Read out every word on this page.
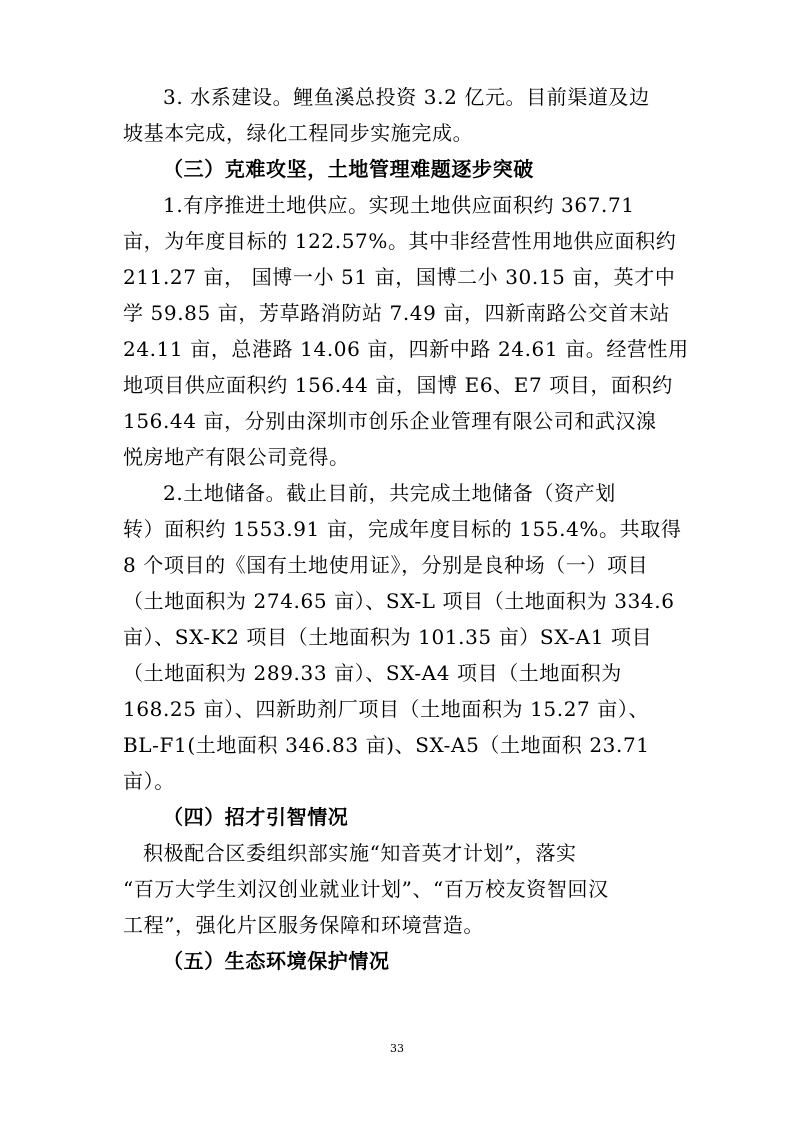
3. 水系建设。鲤鱼溪总投资 3.2 亿元。目前渠道及边
坡基本完成，绿化工程同步实施完成。
（三）克难攻坚，土地管理难题逐步突破
1.有序推进土地供应。实现土地供应面积约 367.71
亩，为年度目标的 122.57%。其中非经营性用地供应面积约
211.27 亩， 国博一小 51 亩，国博二小 30.15 亩，英才中
学 59.85 亩，芳草路消防站 7.49 亩，四新南路公交首末站
24.11 亩，总港路 14.06 亩，四新中路 24.61 亩。经营性用
地项目供应面积约 156.44 亩，国博 E6、E7 项目，面积约
156.44 亩，分别由深圳市创乐企业管理有限公司和武汉湶
悦房地产有限公司竞得。
2.土地储备。截止目前，共完成土地储备（资产划
转）面积约 1553.91 亩，完成年度目标的 155.4%。共取得
8 个项目的《国有土地使用证》，分别是良种场（一）项目
（土地面积为 274.65 亩）、SX-L 项目（土地面积为 334.6
亩）、SX-K2 项目（土地面积为 101.35 亩）SX-A1 项目
（土地面积为 289.33 亩）、SX-A4 项目（土地面积为
168.25 亩）、四新助剂厂项目（土地面积为 15.27 亩）、
BL-F1(土地面积 346.83 亩)、SX-A5（土地面积 23.71
亩）。
（四）招才引智情况
积极配合区委组织部实施“知音英才计划”，落实
“百万大学生刘汉创业就业计划”、“百万校友资智回汉
工程”，强化片区服务保障和环境营造。
（五）生态环境保护情况
33
